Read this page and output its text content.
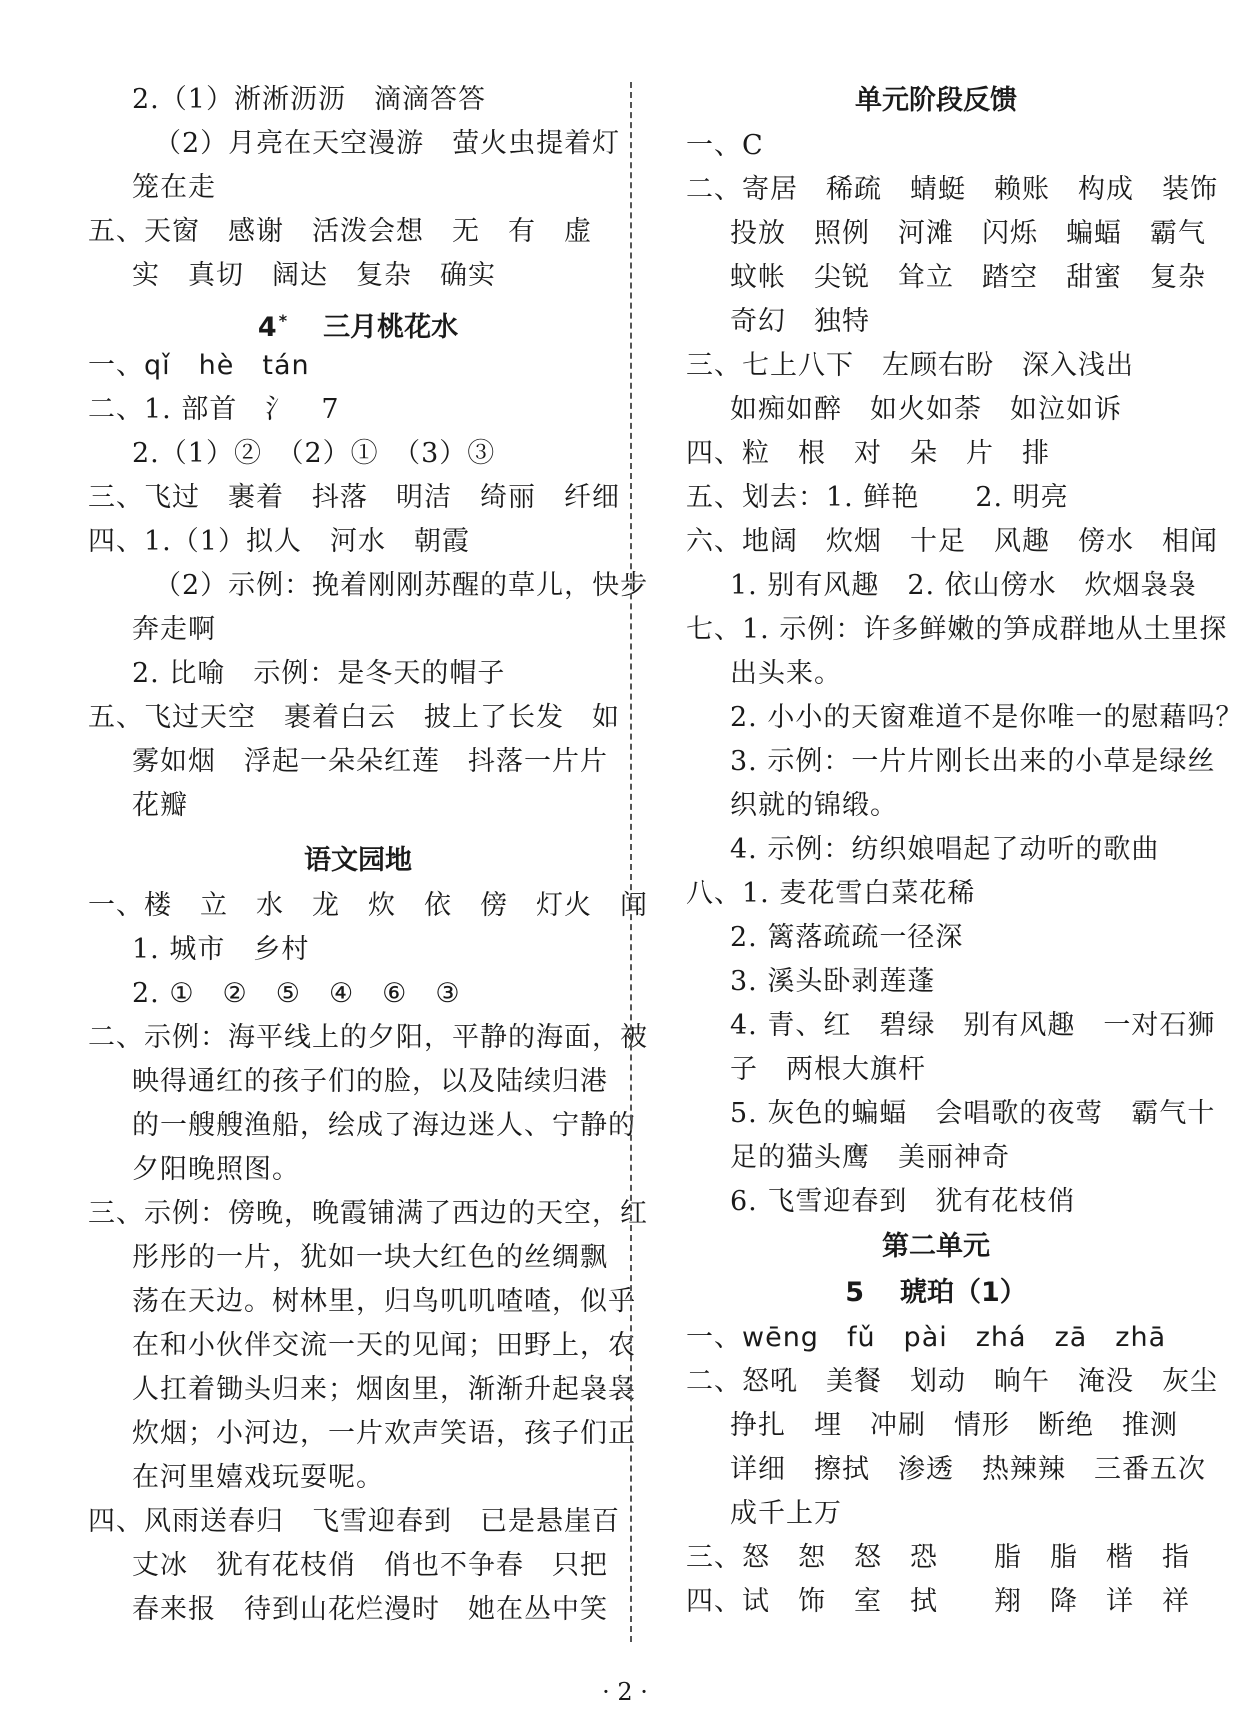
2.（1）淅淅沥沥　滴滴答答
（2）月亮在天空漫游　萤火虫提着灯
笼在走
五、天窗　感谢　活泼会想　无　有　虚
实　真切　阔达　复杂　确实
4 * 三月桃花水
一、qǐ　hè　tán
二、1. 部首　氵　7
2.（1）②　（2）①　（3）③
三、飞过　裹着　抖落　明洁　绮丽　纤细
四、1.（1）拟人　河水　朝霞
（2）示例：挽着刚刚苏醒的草儿，快步
奔走啊
2. 比喻　示例：是冬天的帽子
五、飞过天空　裹着白云　披上了长发　如
雾如烟　浮起一朵朵红莲　抖落一片片
花瓣
语文园地
一、楼　立　水　龙　炊　依　傍　灯火　闻
1. 城市　乡村
2. ①　②　⑤　④　⑥　③
二、示例：海平线上的夕阳，平静的海面，被
映得通红的孩子们的脸，以及陆续归港
的一艘艘渔船，绘成了海边迷人、宁静的
夕阳晚照图。
三、示例：傍晚，晚霞铺满了西边的天空，红
彤彤的一片，犹如一块大红色的丝绸飘
荡在天边。树林里，归鸟叽叽喳喳，似乎
在和小伙伴交流一天的见闻；田野上，农
人扛着锄头归来；烟囱里，渐渐升起袅袅
炊烟；小河边，一片欢声笑语，孩子们正
在河里嬉戏玩耍呢。
四、风雨送春归　飞雪迎春到　已是悬崖百
丈冰　犹有花枝俏　俏也不争春　只把
春来报　待到山花烂漫时　她在丛中笑
单元阶段反馈
一、C
二、寄居　稀疏　蜻蜓　赖账　构成　装饰
投放　照例　河滩　闪烁　蝙蝠　霸气
蚊帐　尖锐　耸立　踏空　甜蜜　复杂
奇幻　独特
三、七上八下　左顾右盼　深入浅出
如痴如醉　如火如荼　如泣如诉
四、粒　根　对　朵　片　排
五、划去：1. 鲜艳　　2. 明亮
六、地阔　炊烟　十足　风趣　傍水　相闻
1. 别有风趣　2. 依山傍水　炊烟袅袅
七、1. 示例：许多鲜嫩的笋成群地从土里探
出头来。
2. 小小的天窗难道不是你唯一的慰藉吗？
3. 示例：一片片刚长出来的小草是绿丝
织就的锦缎。
4. 示例：纺织娘唱起了动听的歌曲
八、1. 麦花雪白菜花稀
2. 篱落疏疏一径深
3. 溪头卧剥莲蓬
4. 青、红　碧绿　别有风趣　一对石狮
子　两根大旗杆
5. 灰色的蝙蝠　会唱歌的夜莺　霸气十
足的猫头鹰　美丽神奇
6. 飞雪迎春到　犹有花枝俏
第二单元
5 琥珀（1）
一、wēng　fǔ　pài　zhá　zā　zhā
二、怒吼　美餐　划动　晌午　淹没　灰尘
挣扎　埋　冲刷　情形　断绝　推测
详细　擦拭　渗透　热辣辣　三番五次
成千上万
三、怒　恕　怒　恐　　脂　脂　楷　指
四、试　饰　室　拭　　翔　降　详　祥
· 2 ·
